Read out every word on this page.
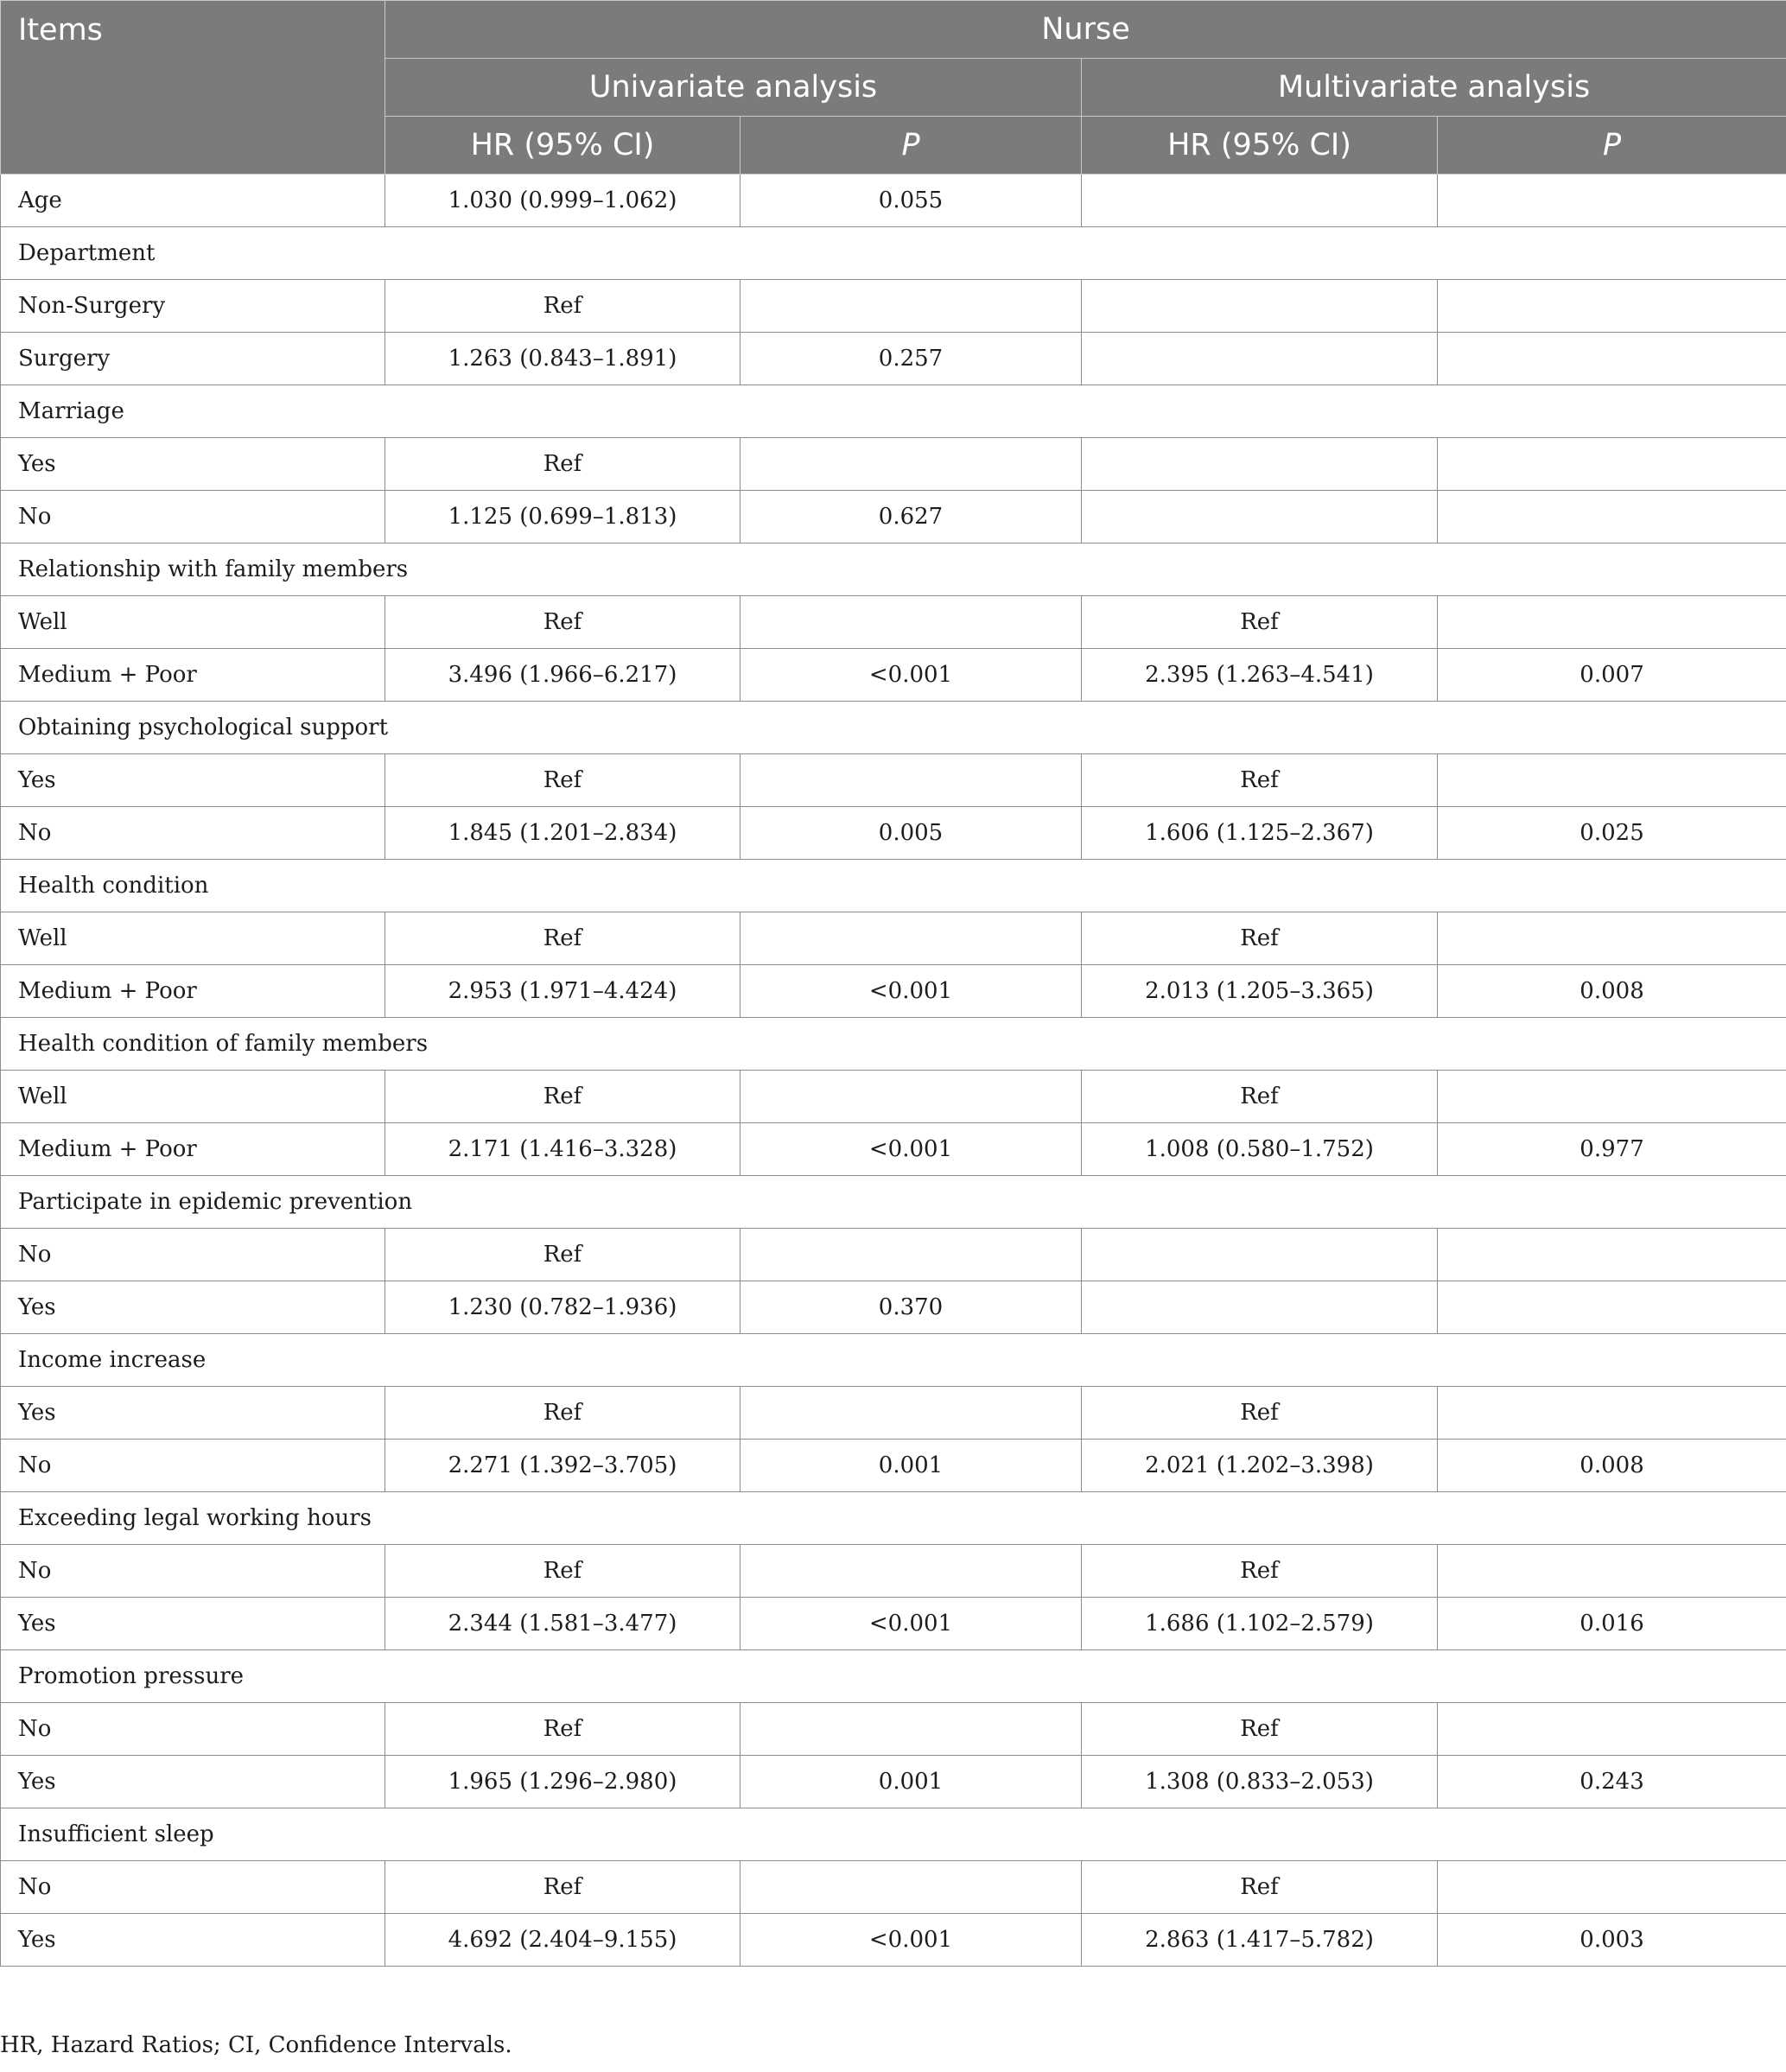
Items	Nurse			
	Univariate analysis		Multivariate analysis	
	HR (95% CI)	P	HR (95% CI)	P
Age	1.030 (0.999–1.062)	0.055		
Department				
Non-Surgery	Ref			
Surgery	1.263 (0.843–1.891)	0.257		
Marriage				
Yes	Ref			
No	1.125 (0.699–1.813)	0.627		
Relationship with family members				
Well	Ref		Ref	
Medium + Poor	3.496 (1.966–6.217)	<0.001	2.395 (1.263–4.541)	0.007
Obtaining psychological support				
Yes	Ref		Ref	
No	1.845 (1.201–2.834)	0.005	1.606 (1.125–2.367)	0.025
Health condition				
Well	Ref		Ref	
Medium + Poor	2.953 (1.971–4.424)	<0.001	2.013 (1.205–3.365)	0.008
Health condition of family members				
Well	Ref		Ref	
Medium + Poor	2.171 (1.416–3.328)	<0.001	1.008 (0.580–1.752)	0.977
Participate in epidemic prevention				
No	Ref			
Yes	1.230 (0.782–1.936)	0.370		
Income increase				
Yes	Ref		Ref	
No	2.271 (1.392–3.705)	0.001	2.021 (1.202–3.398)	0.008
Exceeding legal working hours				
No	Ref		Ref	
Yes	2.344 (1.581–3.477)	<0.001	1.686 (1.102–2.579)	0.016
Promotion pressure				
No	Ref		Ref	
Yes	1.965 (1.296–2.980)	0.001	1.308 (0.833–2.053)	0.243
Insufficient sleep				
No	Ref		Ref	
Yes	4.692 (2.404–9.155)	<0.001	2.863 (1.417–5.782)	0.003
HR, Hazard Ratios; CI, Confidence Intervals.
